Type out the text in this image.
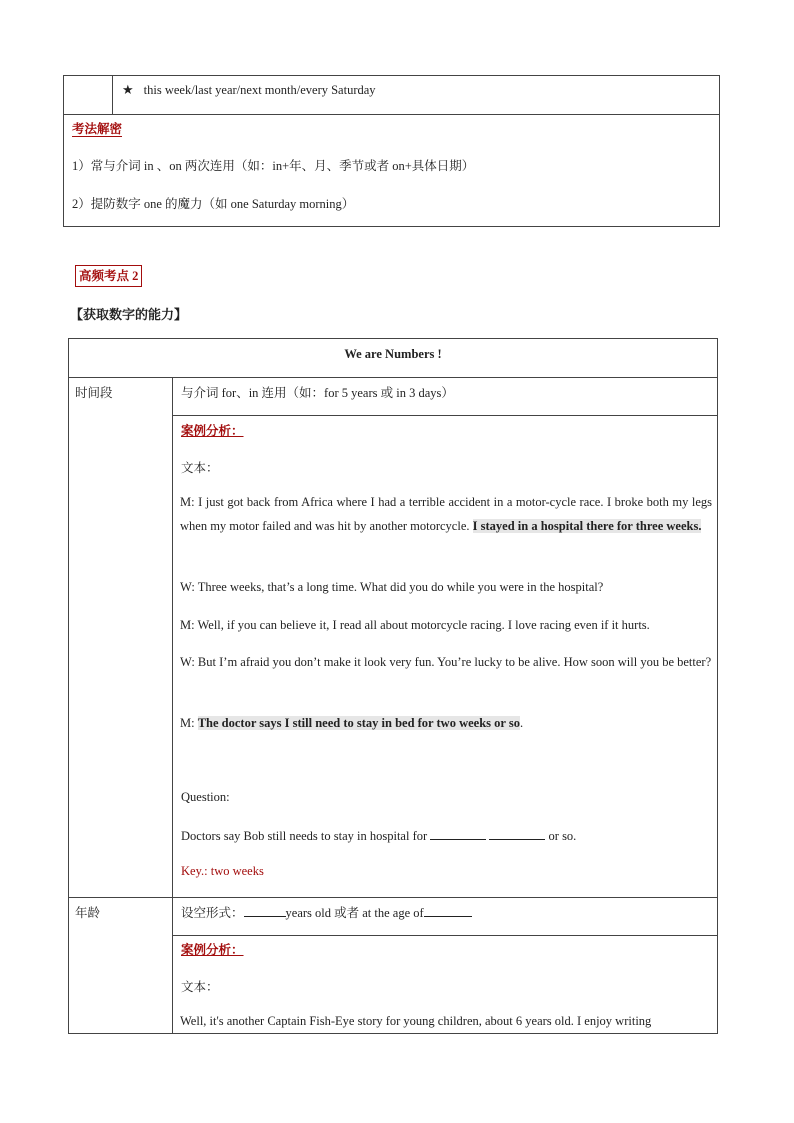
★ this week/last year/next month/every Saturday
考法解密
1）常与介词 in 、on 两次连用（如：in+年、月、季节或者 on+具体日期）
2）提防数字 one 的魔力（如 one Saturday morning）
高频考点 2
【获取数字的能力】
We are Numbers !
时间段	与介词 for、in 连用（如：for 5 years 或 in 3 days）
案例分析：
文本：
M: I just got back from Africa where I had a terrible accident in a motor-cycle race. I broke both my legs when my motor failed and was hit by another motorcycle. I stayed in a hospital there for three weeks.
W: Three weeks, that’s a long time. What did you do while you were in the hospital?
M: Well, if you can believe it, I read all about motorcycle racing. I love racing even if it hurts.
W: But I’m afraid you don’t make it look very fun. You’re lucky to be alive. How soon will you be better?
M: The doctor says I still need to stay in bed for two weeks or so.
Question:
Doctors say Bob still needs to stay in hospital for	or so.
Key.: two weeks
年龄	设空形式：	years old 或者 at the age of
案例分析：
文本：
Well, it's another Captain Fish-Eye story for young children, about 6 years old. I enjoy writing
